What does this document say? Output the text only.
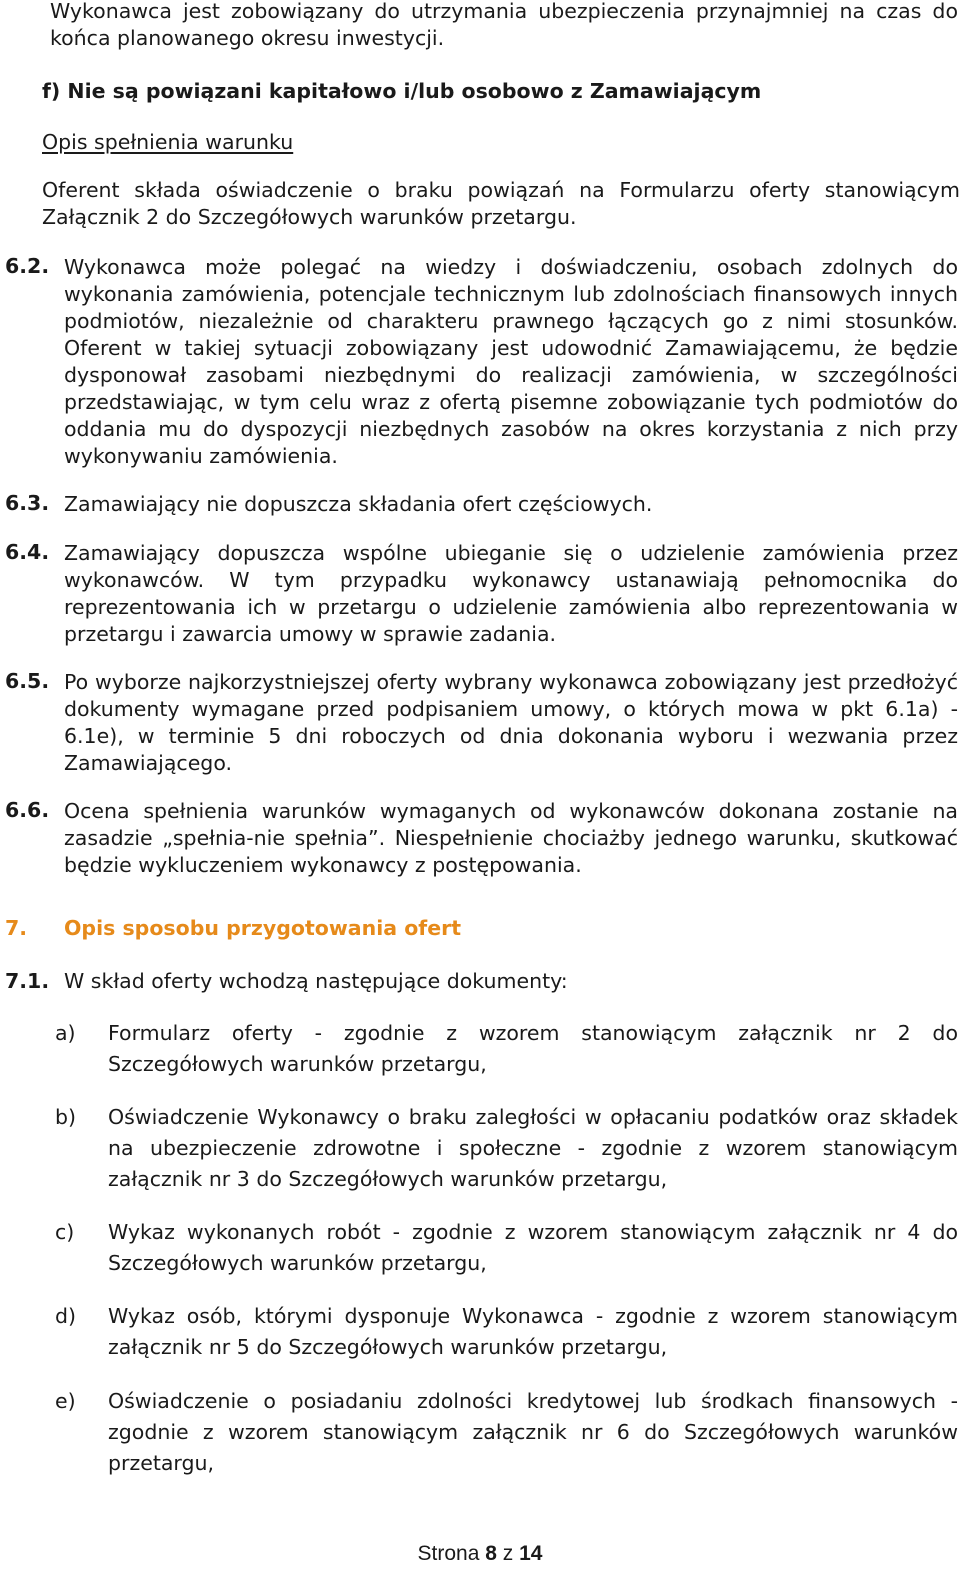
Wykonawca jest zobowiązany do utrzymania ubezpieczenia przynajmniej na czas do końca planowanego okresu inwestycji.
f) Nie są powiązani kapitałowo i/lub osobowo z Zamawiającym
Opis spełnienia warunku
Oferent składa oświadczenie o braku powiązań na Formularzu oferty stanowiącym Załącznik 2 do Szczegółowych warunków przetargu.
6.2. Wykonawca może polegać na wiedzy i doświadczeniu, osobach zdolnych do wykonania zamówienia, potencjale technicznym lub zdolnościach finansowych innych podmiotów, niezależnie od charakteru prawnego łączących go z nimi stosunków. Oferent w takiej sytuacji zobowiązany jest udowodnić Zamawiającemu, że będzie dysponował zasobami niezbędnymi do realizacji zamówienia, w szczególności przedstawiając, w tym celu wraz z ofertą pisemne zobowiązanie tych podmiotów do oddania mu do dyspozycji niezbędnych zasobów na okres korzystania z nich przy wykonywaniu zamówienia.
6.3. Zamawiający nie dopuszcza składania ofert częściowych.
6.4. Zamawiający dopuszcza wspólne ubieganie się o udzielenie zamówienia przez wykonawców. W tym przypadku wykonawcy ustanawiają pełnomocnika do reprezentowania ich w przetargu o udzielenie zamówienia albo reprezentowania w przetargu i zawarcia umowy w sprawie zadania.
6.5. Po wyborze najkorzystniejszej oferty wybrany wykonawca zobowiązany jest przedłożyć dokumenty wymagane przed podpisaniem umowy, o których mowa w pkt 6.1a) - 6.1e), w terminie 5 dni roboczych od dnia dokonania wyboru i wezwania przez Zamawiającego.
6.6. Ocena spełnienia warunków wymaganych od wykonawców dokonana zostanie na zasadzie „spełnia-nie spełnia”. Niespełnienie chociażby jednego warunku, skutkować będzie wykluczeniem wykonawcy z postępowania.
7. Opis sposobu przygotowania ofert
7.1. W skład oferty wchodzą następujące dokumenty:
a) Formularz oferty - zgodnie z wzorem stanowiącym załącznik nr 2 do Szczegółowych warunków przetargu,
b) Oświadczenie Wykonawcy o braku zaległości w opłacaniu podatków oraz składek na ubezpieczenie zdrowotne i społeczne - zgodnie z wzorem stanowiącym załącznik nr 3 do Szczegółowych warunków przetargu,
c) Wykaz wykonanych robót - zgodnie z wzorem stanowiącym załącznik nr 4 do Szczegółowych warunków przetargu,
d) Wykaz osób, którymi dysponuje Wykonawca - zgodnie z wzorem stanowiącym załącznik nr 5 do Szczegółowych warunków przetargu,
e) Oświadczenie o posiadaniu zdolności kredytowej lub środkach finansowych - zgodnie z wzorem stanowiącym załącznik nr 6 do Szczegółowych warunków przetargu,
Strona 8 z 14
